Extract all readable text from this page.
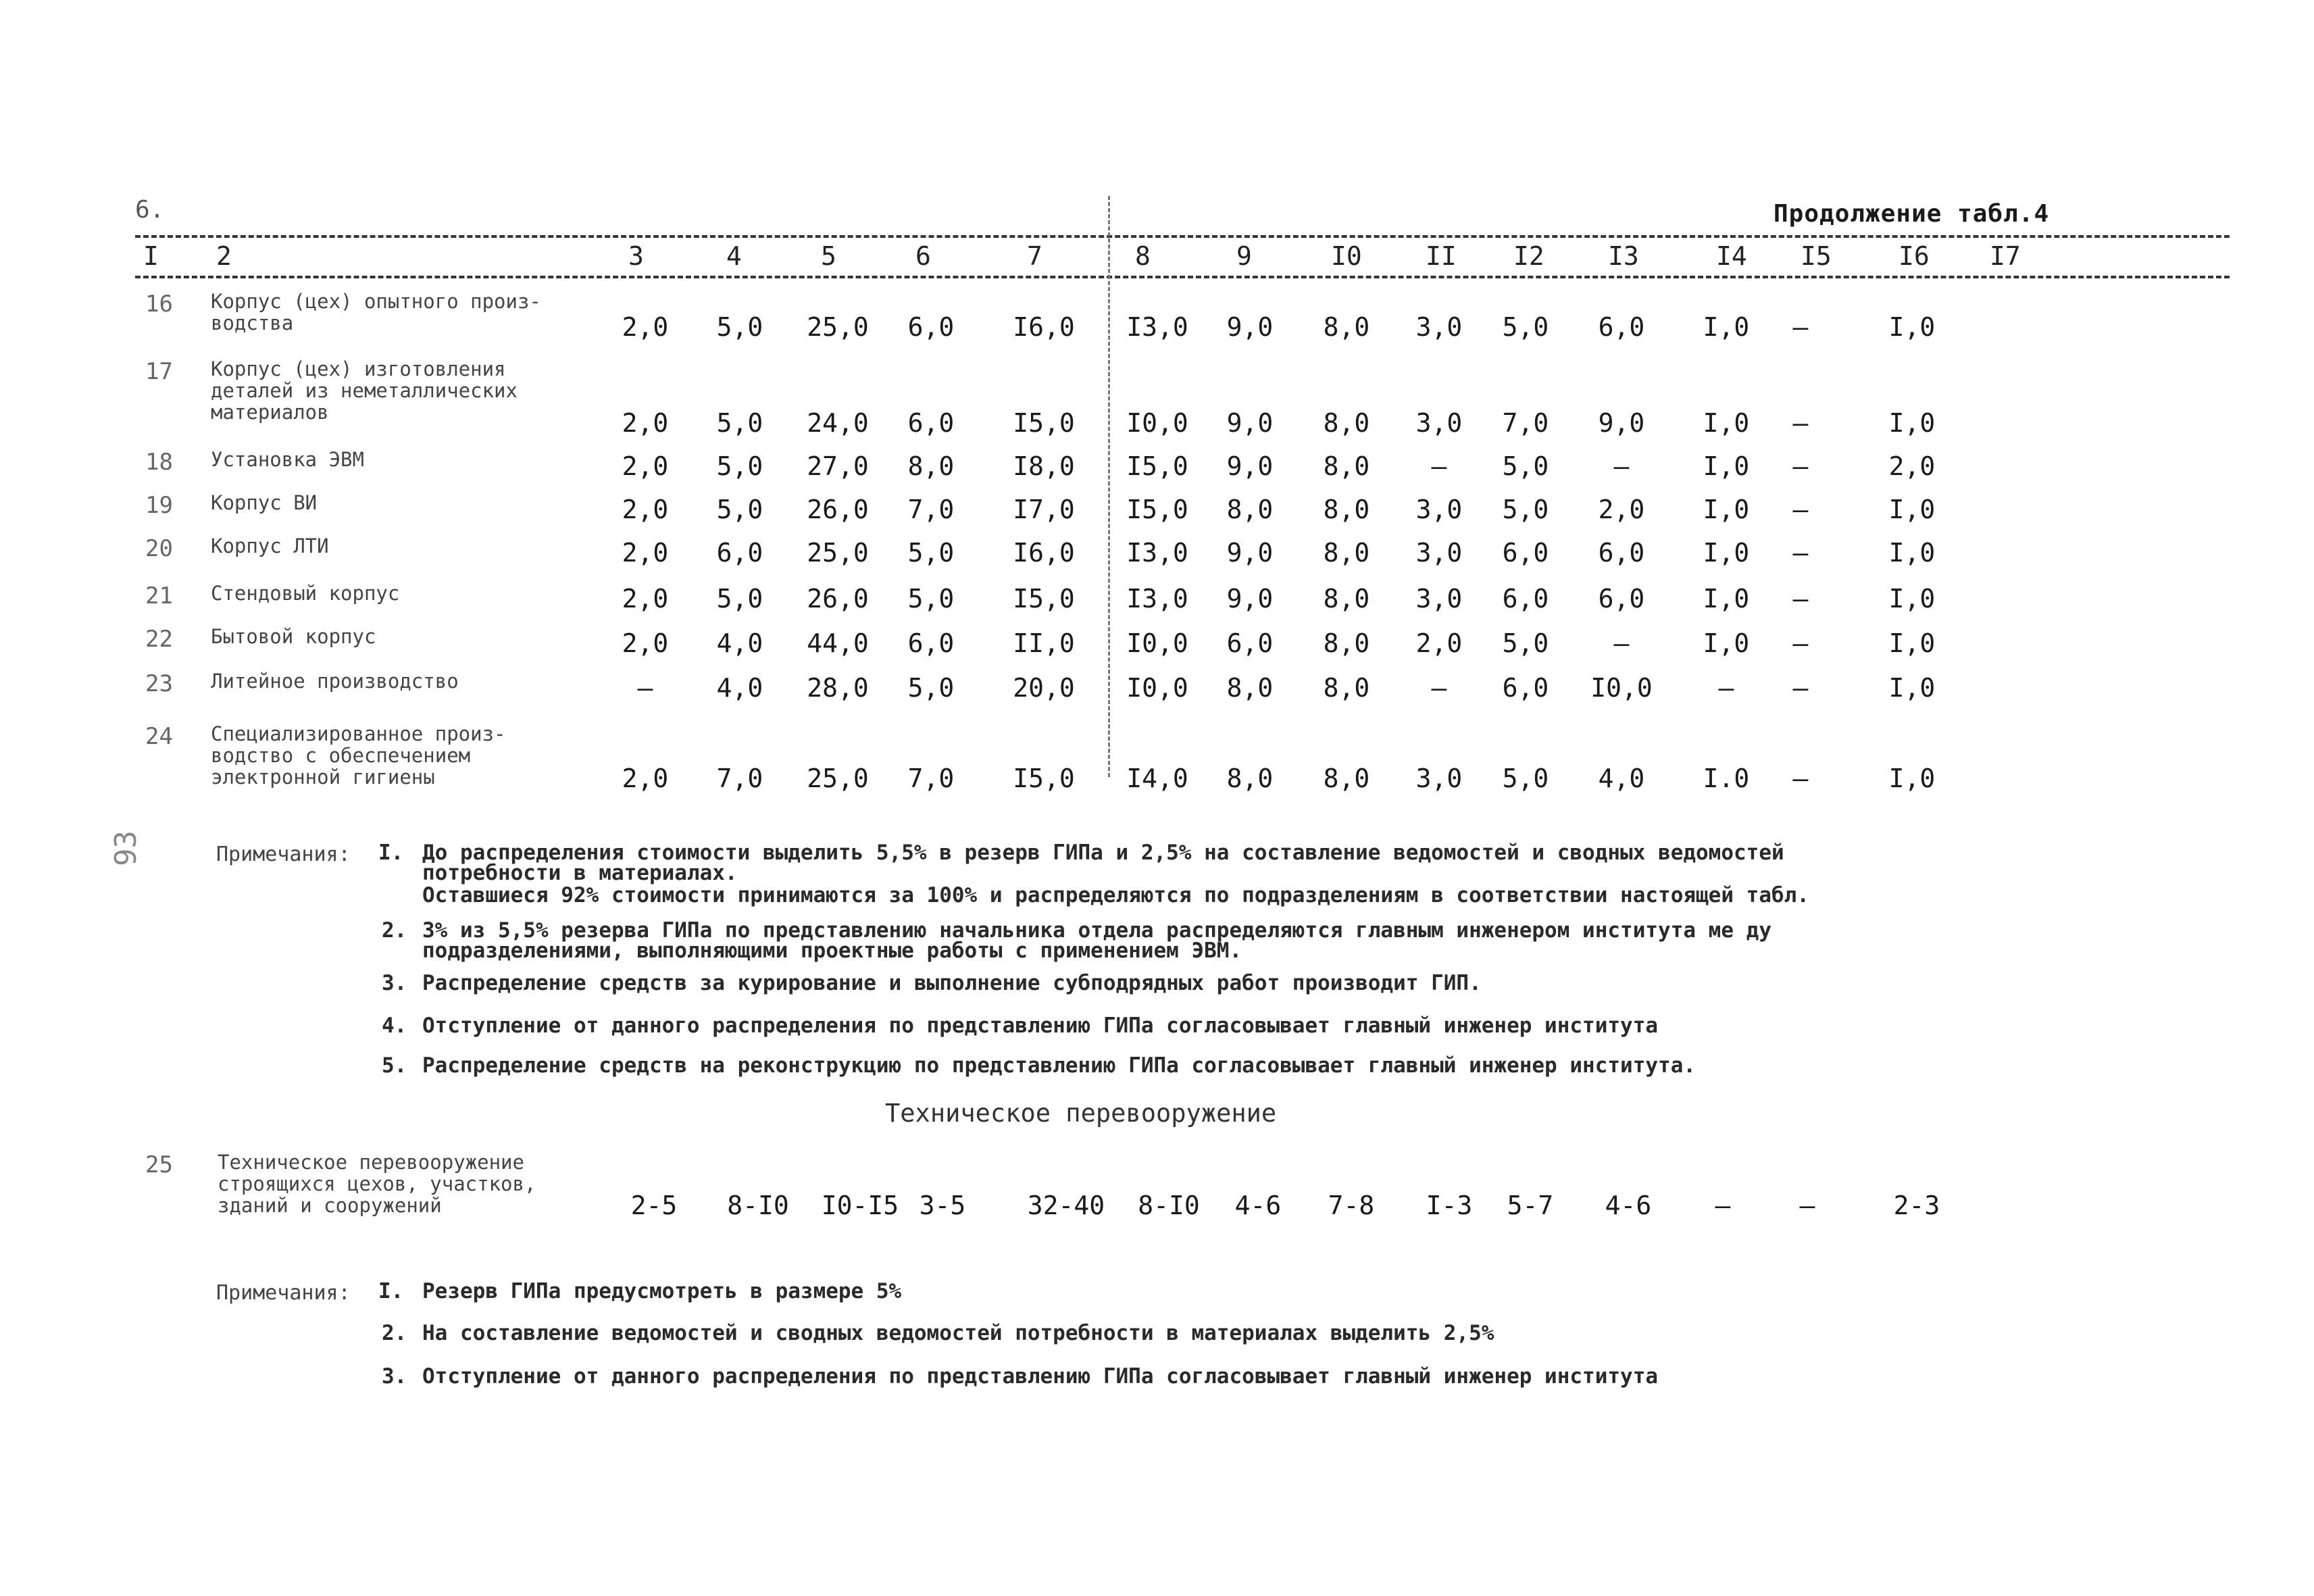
6.	Продолжение табл.4
93
I 2	3	4	5	6	7	8	9	I0 II I2 I3	I4 I5	I6 I7
16 Корпус (цех) опытного произ-
водства	2,0	5,0	25,0	6,0	I6,0	I3,0	9,0	8,0	3,0	5,0	6,0	I,0	–	I,0
17 Корпус (цех) изготовления
деталей из неметаллических
материалов	2,0	5,0	24,0	6,0	I5,0	I0,0	9,0	8,0	3,0	7,0	9,0	I,0	–	I,0
18 Установка ЭВМ	2,0	5,0	27,0	8,0	I8,0	I5,0	9,0	8,0	–	5,0	–	I,0	–	2,0
19 Корпус ВИ	2,0	5,0	26,0	7,0	I7,0	I5,0	8,0	8,0	3,0	5,0	2,0	I,0	–	I,0
20 Корпус ЛТИ	2,0	6,0	25,0	5,0	I6,0	I3,0	9,0	8,0	3,0	6,0	6,0	I,0	–	I,0
21 Стендовый корпус	2,0	5,0	26,0	5,0	I5,0	I3,0	9,0	8,0	3,0	6,0	6,0	I,0	–	I,0
22 Бытовой корпус	2,0	4,0	44,0	6,0	II,0	I0,0	6,0	8,0	2,0	5,0	–	I,0	–	I,0
23 Литейное производство	–	4,0	28,0	5,0	20,0	I0,0	8,0	8,0	–	6,0	I0,0	–	–	I,0
24 Специализированное произ-
водство с обеспечением
электронной гигиены	2,0	7,0	25,0	7,0	I5,0	I4,0	8,0	8,0	3,0	5,0	4,0	I.0	–	I,0
Примечания: I. До распределения стоимости выделить 5,5% в резерв ГИПа и 2,5% на составление ведомостей и сводных ведомостей
потребности в материалах.
Оставшиеся 92% стоимости принимаются за 100% и распределяются по подразделениям в соответствии настоящей табл.
2. 3% из 5,5% резерва ГИПа по представлению начальника отдела распределяются главным инженером института ме ду
подразделениями, выполняющими проектные работы с применением ЭВМ.
3. Распределение средств за курирование и выполнение субподрядных работ производит ГИП.
4. Отступление от данного распределения по представлению ГИПа согласовывает главный инженер института
5. Распределение средств на реконструкцию по представлению ГИПа согласовывает главный инженер института.
Техническое перевооружение
25 Техническое перевооружение
строящихся цехов, участков,
зданий и сооружений	2-5	8-I0	I0-I5 3-5	32-40	8-I0	4-6	7-8	I-3	5-7	4-6	–	–	2-3
Примечания: I. Резерв ГИПа предусмотреть в размере 5%
2. На составление ведомостей и сводных ведомостей потребности в материалах выделить 2,5%
3. Отступление от данного распределения по представлению ГИПа согласовывает главный инженер института
